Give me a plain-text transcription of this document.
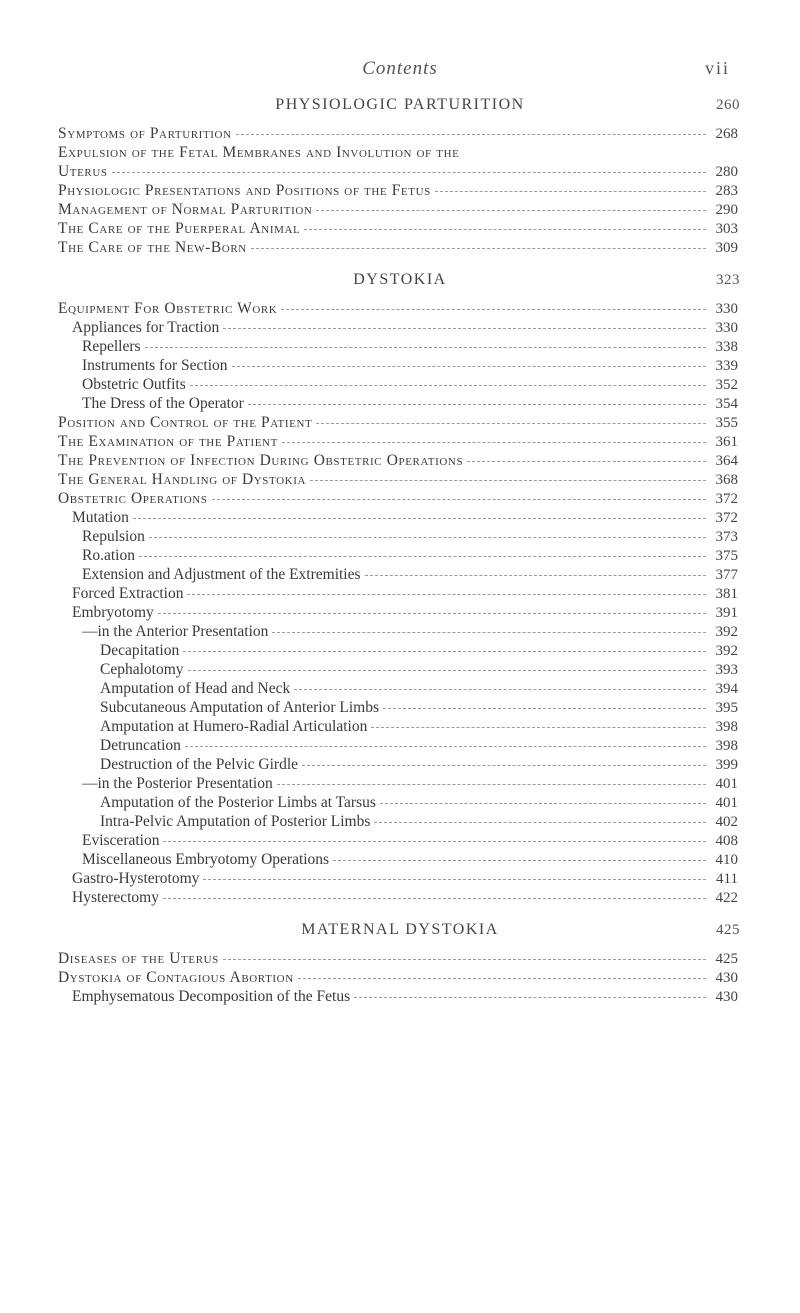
Contents	vii
PHYSIOLOGIC PARTURITION	260
Symptoms of Parturition	268
Expulsion of the Fetal Membranes and Involution of the
Uterus	280
Physiologic Presentations and Positions of the Fetus	283
Management of Normal Parturition	290
The Care of the Puerperal Animal	303
The Care of the New-Born	309
DYSTOKIA	323
Equipment For Obstetric Work	330
Appliances for Traction	330
Repellers	338
Instruments for Section	339
Obstetric Outfits	352
The Dress of the Operator	354
Position and Control of the Patient	355
The Examination of the Patient	361
The Prevention of Infection During Obstetric Operations	364
The General Handling of Dystokia	368
Obstetric Operations	372
Mutation	372
Repulsion	373
Ro.ation	375
Extension and Adjustment of the Extremities	377
Forced Extraction	381
Embryotomy	391
—in the Anterior Presentation	392
Decapitation	392
Cephalotomy	393
Amputation of Head and Neck	394
Subcutaneous Amputation of Anterior Limbs	395
Amputation at Humero-Radial Articulation	398
Detruncation	398
Destruction of the Pelvic Girdle	399
—in the Posterior Presentation	401
Amputation of the Posterior Limbs at Tarsus	401
Intra-Pelvic Amputation of Posterior Limbs	402
Evisceration	408
Miscellaneous Embryotomy Operations	410
Gastro-Hysterotomy	411
Hysterectomy	422
MATERNAL DYSTOKIA	425
Diseases of the Uterus	425
Dystokia of Contagious Abortion	430
Emphysematous Decomposition of the Fetus	430
